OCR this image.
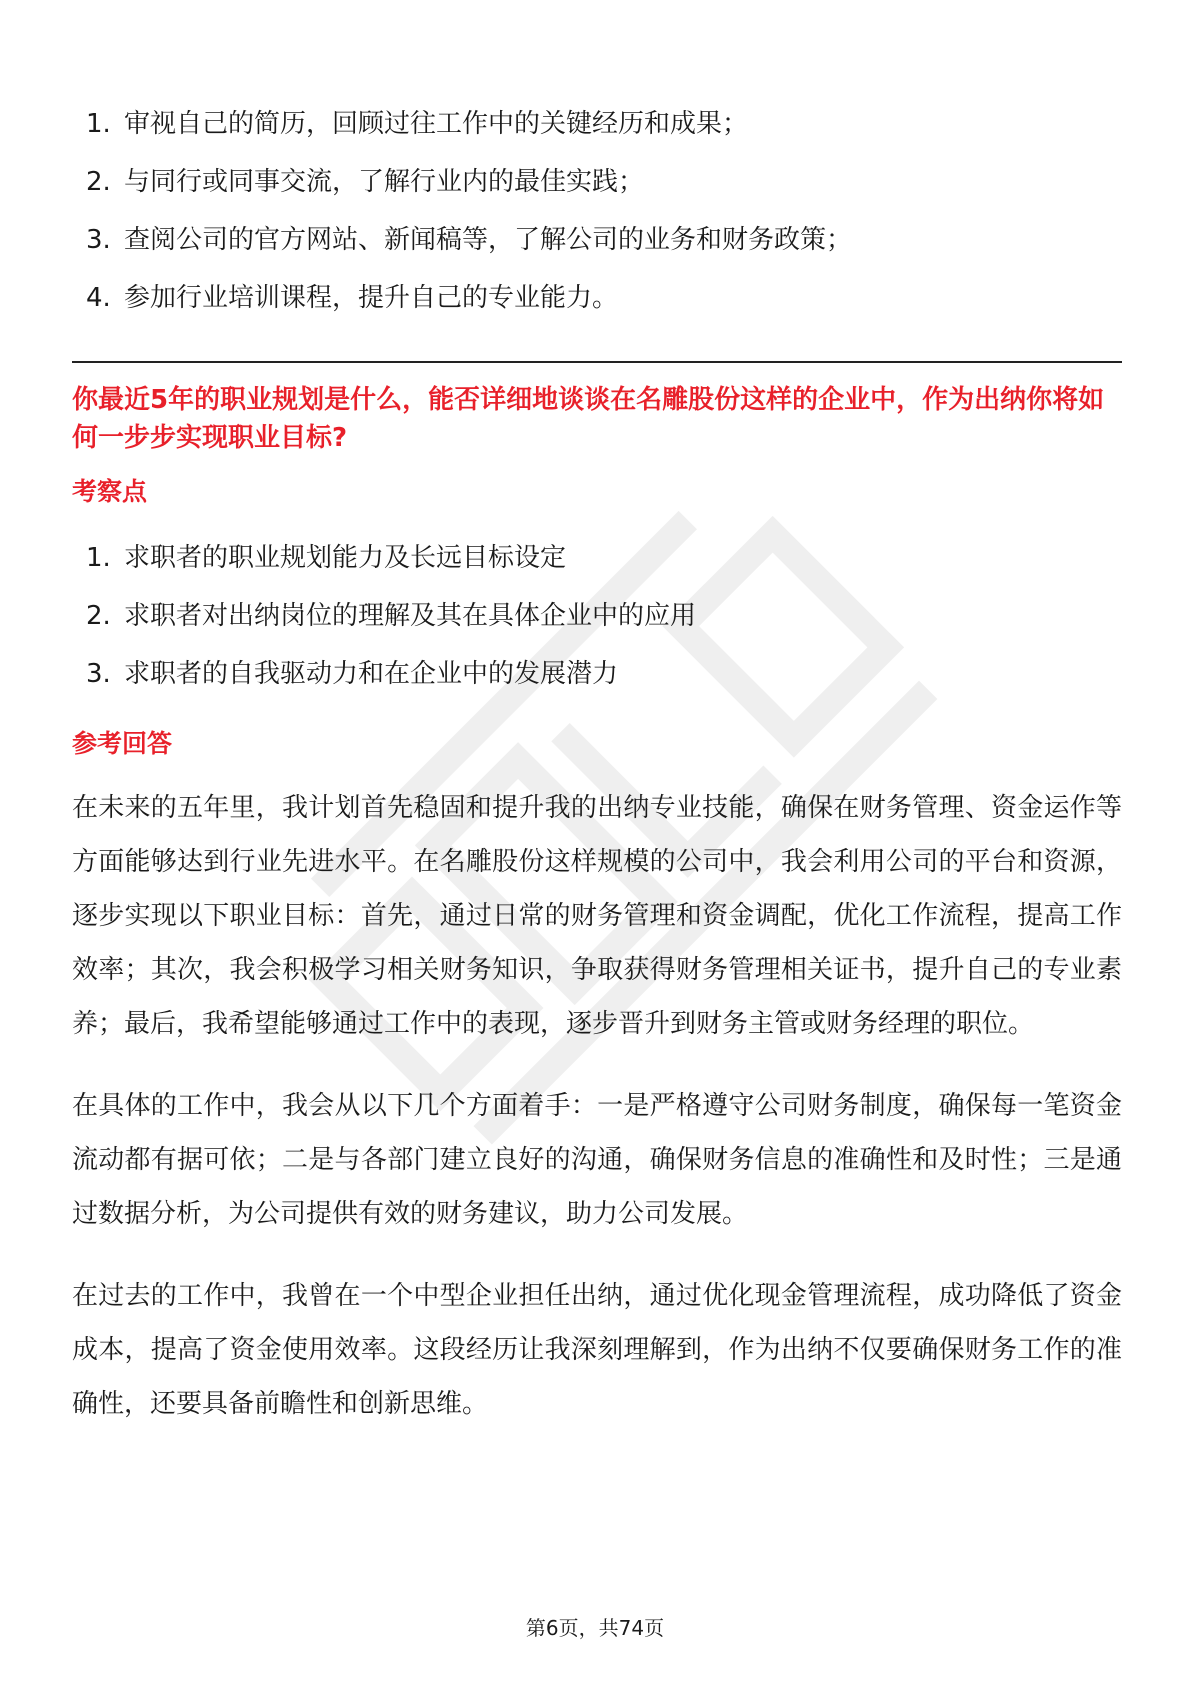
1. 审视自己的简历，回顾过往工作中的关键经历和成果；
2. 与同行或同事交流，了解行业内的最佳实践；
3. 查阅公司的官方网站、新闻稿等，了解公司的业务和财务政策；
4. 参加行业培训课程，提升自己的专业能力。

你最近5年的职业规划是什么，能否详细地谈谈在名雕股份这样的企业中，作为出纳你将如何一步步实现职业目标?

考察点
1. 求职者的职业规划能力及长远目标设定
2. 求职者对出纳岗位的理解及其在具体企业中的应用
3. 求职者的自我驱动力和在企业中的发展潜力
参考回答

在未来的五年里，我计划首先稳固和提升我的出纳专业技能，确保在财务管理、资金运作等方面能够达到行业先进水平。在名雕股份这样规模的公司中，我会利用公司的平台和资源，逐步实现以下职业目标：首先，通过日常的财务管理和资金调配，优化工作流程，提高工作效率；其次，我会积极学习相关财务知识，争取获得财务管理相关证书，提升自己的专业素养；最后，我希望能够通过工作中的表现，逐步晋升到财务主管或财务经理的职位。

在具体的工作中，我会从以下几个方面着手：一是严格遵守公司财务制度，确保每一笔资金流动都有据可依；二是与各部门建立良好的沟通，确保财务信息的准确性和及时性；三是通过数据分析，为公司提供有效的财务建议，助力公司发展。

在过去的工作中，我曾在一个中型企业担任出纳，通过优化现金管理流程，成功降低了资金成本，提高了资金使用效率。这段经历让我深刻理解到，作为出纳不仅要确保财务工作的准确性，还要具备前瞻性和创新思维。

第6页，共74页
